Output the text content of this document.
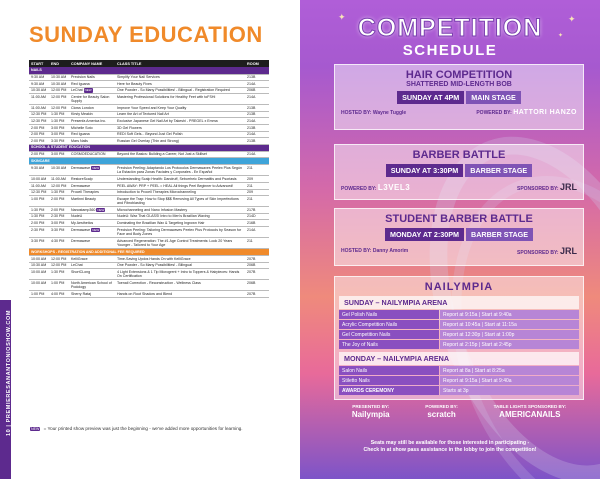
10 | PREMIERESANANTONIOSHOW.COM
SUNDAY EDUCATION
START	END	COMPANY NAME	CLASS TITLE	ROOM
NAILS				
9:30 AM	10:30 AM	Precision Nails	Simplify Your Nail Services	213B
9:30 AM	10:30 AM	Red Iguana	Here for Beauty Fixes	214A
10:30 AM	12:00 PM	LeChat NEW	One Powder - So Many Possibilities! - Bilingual - Registration Required	206B
11:00 AM	12:00 PM	Centre for Beauty Salon Supply	Mastering Professional Solutions for Healthy Feet with toFSHi	214A
11:00 AM	12:00 PM	Clows London	Improve Your Speed and Keep Your Quality	213B
12:30 PM	1:30 PM	Kirsty Meakin	Learn the Art of Textured Nail Art	213B
12:30 PM	1:30 PM	Presenfa America Inc.	Exclusive Japanese Gel Nail Art by Takeshi - PREGEL x Emma	214A
2:00 PM	3:00 PM	Michelle Soto	3D Gel Flowers	213B
2:00 PM	3:00 PM	Red Iguana	REDI Soft Gels... Beyond Just Gel Polish	214A
2:00 PM	3:30 PM	Mars Nails	Russian Gel Overlay (Thin and Strong)	213B
SCHOOL & STUDENT EDUCATION				
2:00 PM	3:00 PM	COSMOEDUCATION	Beyond the Basics: Building a Career, Not Just a Skillset	214A
SKINCARE				
9:30 AM	10:30 AM	Dermawave NEW	Precision Peeling: Adaptando Los Protocolos Dermawaves Peelex Plus Según La Estación para Zonas Faciales y Corporales - En Español	211
10:00 AM	11:00 AM	RestoreScalp	Understanding Scalp Health: Dandruff, Seborrheic Dermatitis and Psoriasis	209
11:00 AM	12:00 PM	Dermawave	PEEL AWAY: PRP + PEEL = HEAL All things Peel Beginner to Advanced!	211
12:30 PM	1:30 PM	Procell Therapies	Introduction to Procell Therapies Microchanneling	209
1:00 PM	2:00 PM	Martinni Beauty	Escape the Trap: How to Stop $$$ Removing All Types of Skin Imperfections and Fibroblasting	211
1:30 PM	2:00 PM	Nanostamp360 NEW	Microchanneling and Nano Infusion Mastery	217B
1:30 PM	2:30 PM	NudeU	NudeU: Wax That Gl-ASS! Intro to Men's Brazilian Waxing	214D
2:00 PM	3:00 PM	My Aesthetics	Dominating the Brazilian Wax & Targeting Ingrown Hair	216B
2:30 PM	3:30 PM	Dermawave NEW	Precision Peeling: Tailoring Dermawaves Peelex Plus Protocols by Season for Face and Body Zones	214A
3:30 PM	4:30 PM	Dermawave	Advanced Regeneration: The #1 Age Control Treatments: Look 20 Years Younger - Tailored to Your Age	211
WORKSHOPS - REGISTRATION AND ADDITIONAL FEE REQUIRED				
10:00 AM	12:00 PM	KelliGrace	Time-Saving Updos Hands On with KelliGrace	207B
10:30 AM	12:00 PM	LeChat	One Powder - So Many Possibilities! - Bilingual	206B
10:00 AM	1:30 PM	ShortCLong	4 Light Extensions & 1 Tip Microgrent + Intro to Toppers & Hairpieces: Hands On Certification	207B
10:00 AM	1:00 PM	North American School of Podology	Toenail Correction - Reconstruction - Wellness Class	206B
1:00 PM	4:00 PM	Sherry Rataj	Hands on Root Shadow and Blend	207B
NEW = Your printed show preview was just the beginning - we've added more opportunities for learning.
✦	✦
✦
COMPETITION
SCHEDULE
HAIR COMPETITION
SHATTERED MID-LENGTH BOB
SUNDAY AT 4PM	MAIN STAGE
HOSTED BY: Wayne Tuggle	POWERED BY: HATTORI HANZO
BARBER BATTLE
SUNDAY AT 3:30PM	BARBER STAGE
POWERED BY: L3VEL3	SPONSORED BY: JRL
STUDENT BARBER BATTLE
MONDAY AT 2:30PM	BARBER STAGE
HOSTED BY: Danny Amorim	SPONSORED BY: JRL
NAILYMPIA
SUNDAY – NAILYMPIA ARENA
Gel Polish Nails	Report at 9:15a | Start at 9:40a
Acrylic Competition Nails	Report at 10:45a | Start at 11:15a
Gel Competition Nails	Report at 12:30p | Start at 1:00p
The Joy of Nails	Report at 2:15p | Start at 2:45p
MONDAY – NAILYMPIA ARENA
Salon Nails	Report at 8a | Start at 8:25a
Stiletto Nails	Report at 9:15a | Start at 9:40a
AWARDS CEREMONY	Starts at 3p
PRESENTED BY:
Nailympia
POWERED BY:
scratch
TABLE LIGHTS SPONSORED BY:
AMERICANAILS
Seats may still be available for those interested in participating -
Check in at show pass assistance in the lobby to join the competition!
